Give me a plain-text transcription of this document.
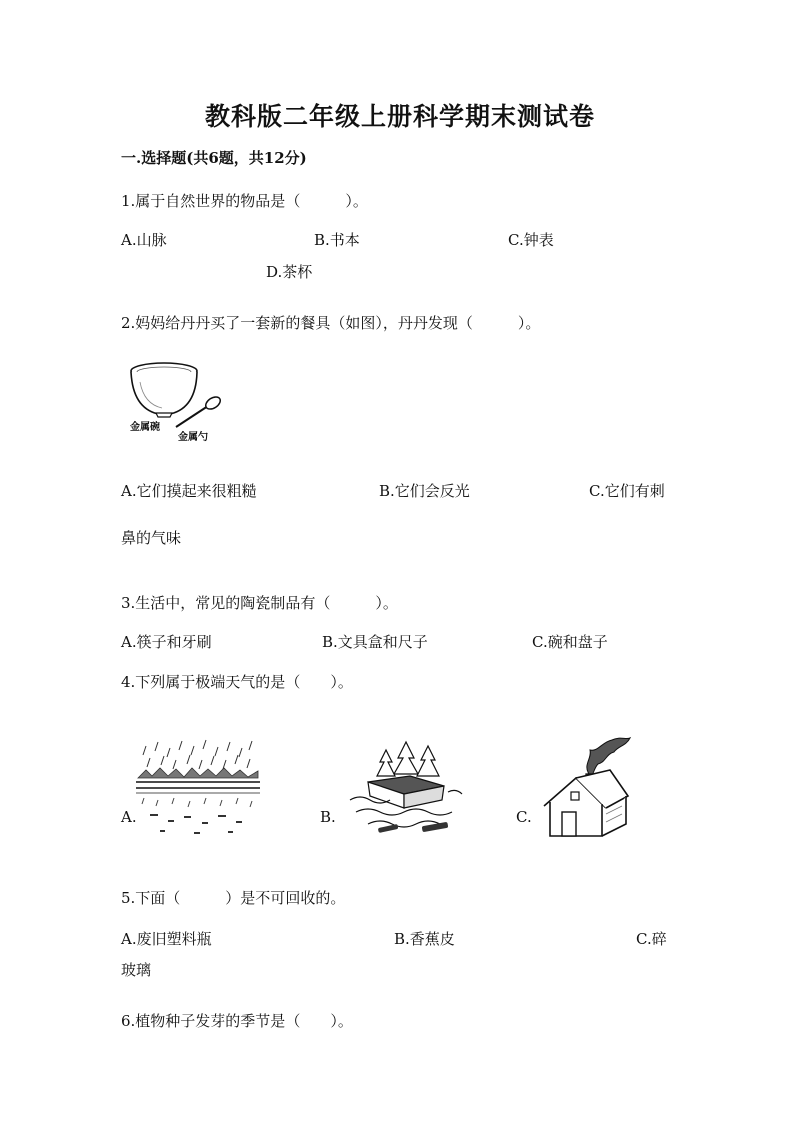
教科版二年级上册科学期末测试卷
一.选择题(共6题，共12分)
1.属于自然世界的物品是（　　　）。
A.山脉	B.书本	C.钟表
D.茶杯
2.妈妈给丹丹买了一套新的餐具（如图），丹丹发现（　　　）。
金属碗
金属勺
A.它们摸起来很粗糙	B.它们会反光	C.它们有刺
鼻的气味
3.生活中，常见的陶瓷制品有（　　　）。
A.筷子和牙刷	B.文具盒和尺子	C.碗和盘子
4.下列属于极端天气的是（　　）。
A.	B.	C.
5.下面（　　　）是不可回收的。
A.废旧塑料瓶	B.香蕉皮	C.碎
玻璃
6.植物种子发芽的季节是（　　）。
